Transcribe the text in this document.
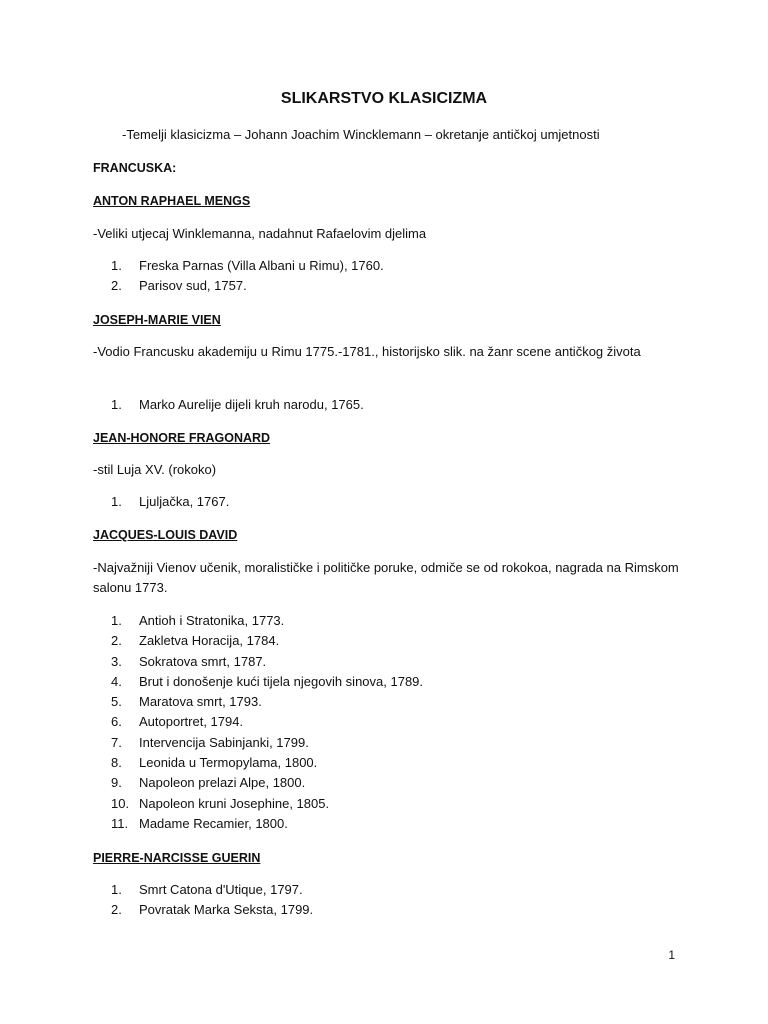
SLIKARSTVO KLASICIZMA

-Temelji klasicizma – Johann Joachim Wincklemann – okretanje antičkoj umjetnosti

FRANCUSKA:

ANTON RAPHAEL MENGS

-Veliki utjecaj Winklemanna, nadahnut Rafaelovim djelima

1. Freska Parnas (Villa Albani u Rimu), 1760.
2. Parisov sud, 1757.

JOSEPH-MARIE VIEN

-Vodio Francusku akademiju u Rimu 1775.-1781., historijsko slik. na žanr scene antičkog života

1. Marko Aurelije dijeli kruh narodu, 1765.

JEAN-HONORE FRAGONARD

-stil Luja XV. (rokoko)

1. Ljuljačka, 1767.

JACQUES-LOUIS DAVID

-Najvažniji Vienov učenik, moralističke i političke poruke, odmiče se od rokokoa, nagrada na Rimskom salonu 1773.

1. Antioh i Stratonika, 1773.
2. Zakletva Horacija, 1784.
3. Sokratova smrt, 1787.
4. Brut i donošenje kući tijela njegovih sinova, 1789.
5. Maratova smrt, 1793.
6. Autoportret, 1794.
7. Intervencija Sabinjanki, 1799.
8. Leonida u Termopylama, 1800.
9. Napoleon prelazi Alpe, 1800.
10. Napoleon kruni Josephine, 1805.
11. Madame Recamier, 1800.

PIERRE-NARCISSE GUERIN

1. Smrt Catona d'Utique, 1797.
2. Povratak Marka Seksta, 1799.

1
